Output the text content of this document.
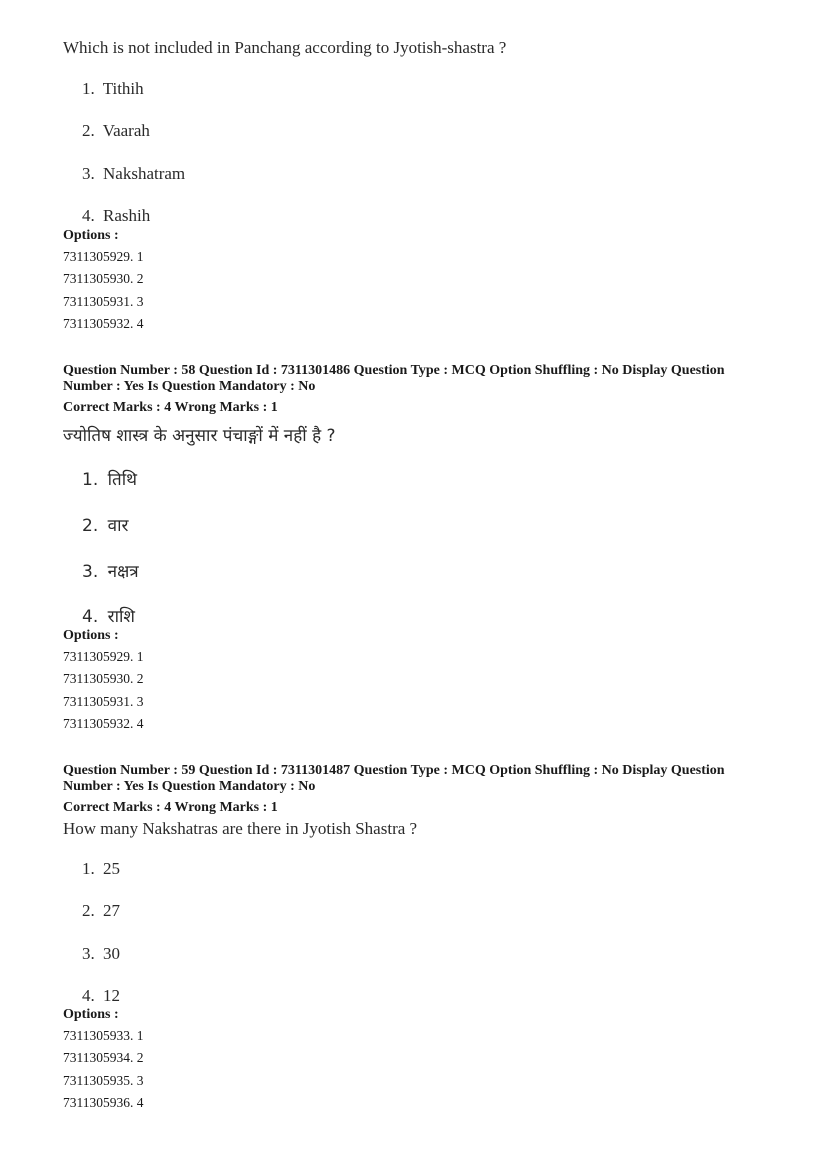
Which is not included in Panchang according to Jyotish-shastra ?
1. Tithih
2. Vaarah
3. Nakshatram
4. Rashih
Options :
7311305929. 1
7311305930. 2
7311305931. 3
7311305932. 4
Question Number : 58 Question Id : 7311301486 Question Type : MCQ Option Shuffling : No Display Question
Number : Yes Is Question Mandatory : No
Correct Marks : 4 Wrong Marks : 1
ज्योतिष शास्त्र के अनुसार पंचाङ्गों में नहीं है ?
1. तिथि
2. वार
3. नक्षत्र
4. राशि
Options :
7311305929. 1
7311305930. 2
7311305931. 3
7311305932. 4
Question Number : 59 Question Id : 7311301487 Question Type : MCQ Option Shuffling : No Display Question
Number : Yes Is Question Mandatory : No
Correct Marks : 4 Wrong Marks : 1
How many Nakshatras are there in Jyotish Shastra ?
1. 25
2. 27
3. 30
4. 12
Options :
7311305933. 1
7311305934. 2
7311305935. 3
7311305936. 4
